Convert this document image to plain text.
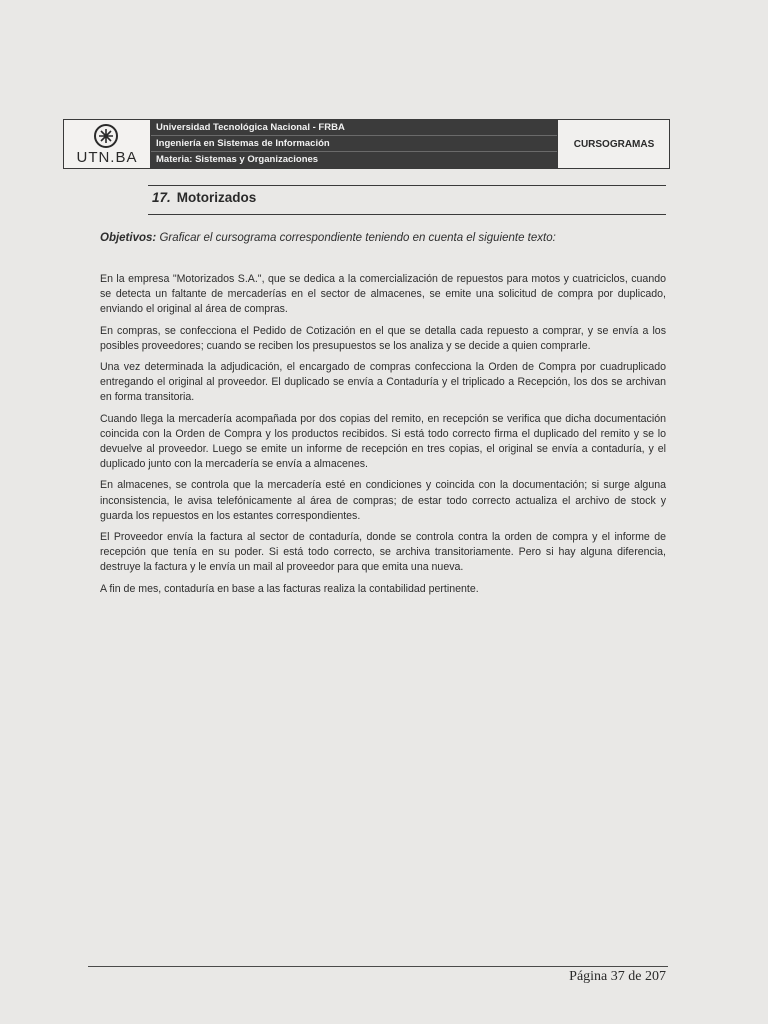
UTN.BA
Universidad Tecnológica Nacional - FRBA
Ingeniería en Sistemas de Información
Materia: Sistemas y Organizaciones
CURSOGRAMAS
17. Motorizados
Objetivos: Graficar el cursograma correspondiente teniendo en cuenta el siguiente texto:

En la empresa "Motorizados S.A.", que se dedica a la comercialización de repuestos para motos y cuatriciclos, cuando se detecta un faltante de mercaderías en el sector de almacenes, se emite una solicitud de compra por duplicado, enviando el original al área de compras.

En compras, se confecciona el Pedido de Cotización en el que se detalla cada repuesto a comprar, y se envía a los posibles proveedores; cuando se reciben los presupuestos se los analiza y se decide a quien comprarle.

Una vez determinada la adjudicación, el encargado de compras confecciona la Orden de Compra por cuadruplicado entregando el original al proveedor. El duplicado se envía a Contaduría y el triplicado a Recepción, los dos se archivan en forma transitoria.

Cuando llega la mercadería acompañada por dos copias del remito, en recepción se verifica que dicha documentación coincida con la Orden de Compra y los productos recibidos. Si está todo correcto firma el duplicado del remito y se lo devuelve al proveedor. Luego se emite un informe de recepción en tres copias, el original se envía a contaduría, y el duplicado junto con la mercadería se envía a almacenes.

En almacenes, se controla que la mercadería esté en condiciones y coincida con la documentación; si surge alguna inconsistencia, le avisa telefónicamente al área de compras; de estar todo correcto actualiza el archivo de stock y guarda los repuestos en los estantes correspondientes.

El Proveedor envía la factura al sector de contaduría, donde se controla contra la orden de compra y el informe de recepción que tenía en su poder. Si está todo correcto, se archiva transitoriamente. Pero si hay alguna diferencia, destruye la factura y le envía un mail al proveedor para que emita una nueva.

A fin de mes, contaduría en base a las facturas realiza la contabilidad pertinente.

Página 37 de 207
